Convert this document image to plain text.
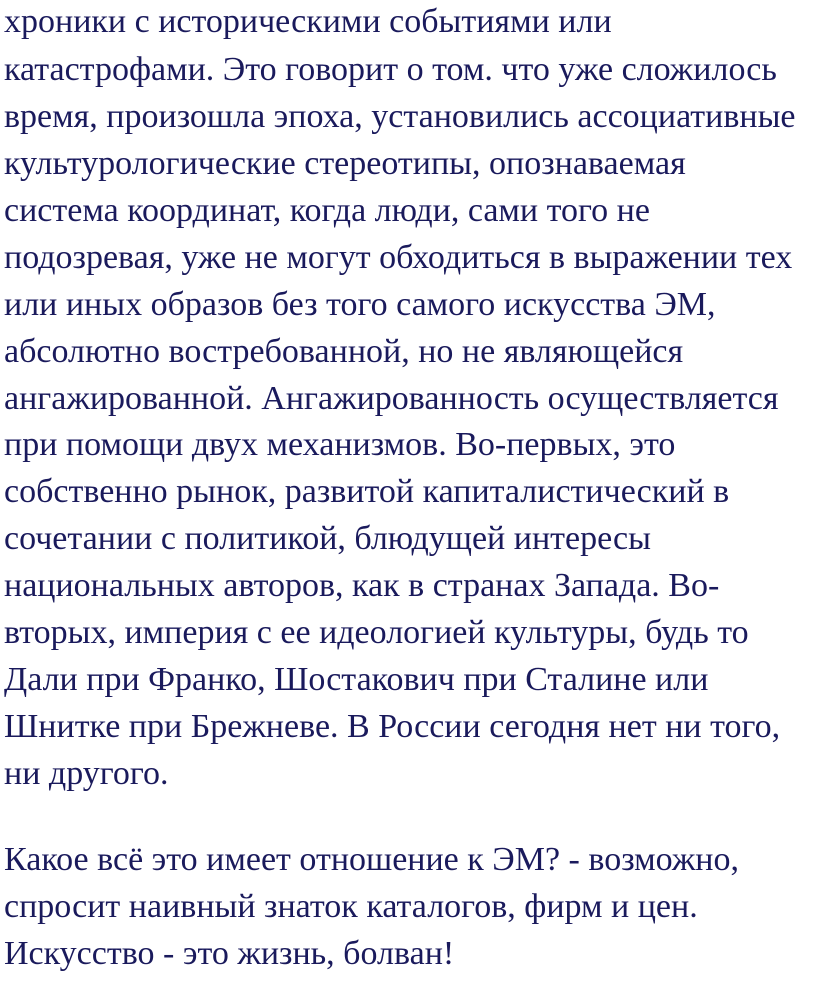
хроники с историческими событиями или

катастрофами. Это говорит о том. что уже сложилось

время, произошла эпоха, установились ассоциативные

культурологические стереотипы, опознаваемая

система координат, когда люди, сами того не

подозревая, уже не могут обходиться в выражении тех

или иных образов без того самого искусства ЭМ,

абсолютно востребованной, но не являющейся

ангажированной. Ангажированность осуществляется

при помощи двух механизмов. Во-первых, это

собственно рынок, развитой капиталистический в

сочетании с политикой, блюдущей интересы

национальных авторов, как в странах Запада. Во-

вторых, империя с ее идеологией культуры, будь то

Дали при Франко, Шостакович при Сталине или

Шнитке при Брежневе. В России сегодня нет ни того,

ни другого.

Какое всё это имеет отношение к ЭМ? - возможно,

спросит наивный знаток каталогов, фирм и цен.

Искусство - это жизнь, болван!
